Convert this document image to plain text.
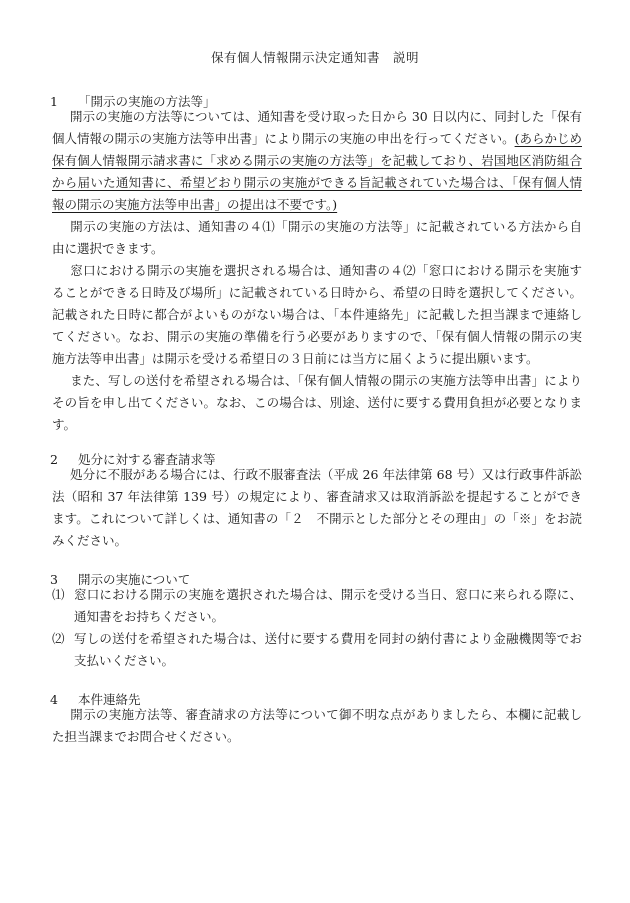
保有個人情報開示決定通知書　説明
1 「開示の実施の方法等」

開示の実施の方法等については、通知書を受け取った日から 30 日以内に、同封した「保有個人情報の開示の実施方法等申出書」により開示の実施の申出を行ってください。(あらかじめ保有個人情報開示請求書に「求める開示の実施の方法等」を記載しており、岩国地区消防組合から届いた通知書に、希望どおり開示の実施ができる旨記載されていた場合は、「保有個人情報の開示の実施方法等申出書」の提出は不要です。)

開示の実施の方法は、通知書の４⑴「開示の実施の方法等」に記載されている方法から自由に選択できます。

窓口における開示の実施を選択される場合は、通知書の４⑵「窓口における開示を実施することができる日時及び場所」に記載されている日時から、希望の日時を選択してください。記載された日時に都合がよいものがない場合は、「本件連絡先」に記載した担当課まで連絡してください。なお、開示の実施の準備を行う必要がありますので、「保有個人情報の開示の実施方法等申出書」は開示を受ける希望日の３日前には当方に届くように提出願います。

また、写しの送付を希望される場合は、「保有個人情報の開示の実施方法等申出書」によりその旨を申し出てください。なお、この場合は、別途、送付に要する費用負担が必要となります。

2 処分に対する審査請求等

処分に不服がある場合には、行政不服審査法（平成 26 年法律第 68 号）又は行政事件訴訟法（昭和 37 年法律第 139 号）の規定により、審査請求又は取消訴訟を提起することができます。これについて詳しくは、通知書の「２　不開示とした部分とその理由」の「※」をお読みください。

3 開示の実施について
⑴ 窓口における開示の実施を選択された場合は、開示を受ける当日、窓口に来られる際に、通知書をお持ちください。
⑵ 写しの送付を希望された場合は、送付に要する費用を同封の納付書により金融機関等でお支払いください。
4 本件連絡先

開示の実施方法等、審査請求の方法等について御不明な点がありましたら、本欄に記載した担当課までお問合せください。
